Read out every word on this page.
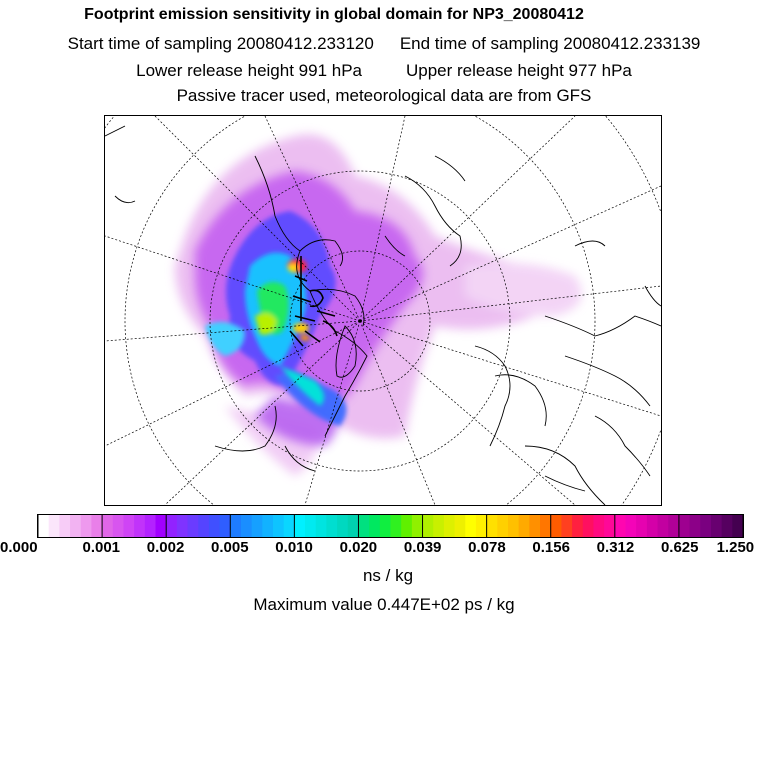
Footprint emission sensitivity in global domain for NP3_20080412
Start time of sampling 20080412.233120 End time of sampling 20080412.233139
Lower release height 991 hPa	Upper release height 977 hPa
Passive tracer used, meteorological data are from GFS
0.000	0.001 0.002 0.005 0.010 0.020 0.039 0.078 0.156 0.312 0.625 1.250
ns / kg
Maximum value 0.447E+02 ps / kg
